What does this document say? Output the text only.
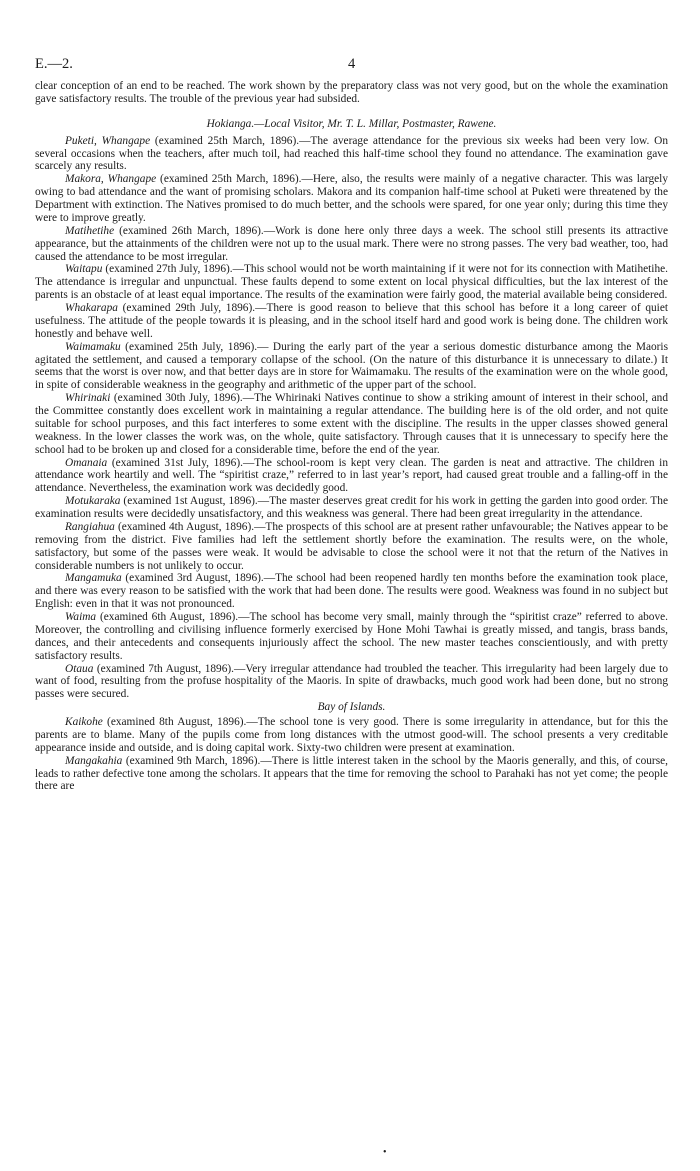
E.—2.	4

clear conception of an end to be reached. The work shown by the preparatory class was not very good, but on the whole the examination gave satisfactory results. The trouble of the previous year had subsided.

Hokianga.—Local Visitor, Mr. T. L. Millar, Postmaster, Rawene.

Puketi, Whangape (examined 25th March, 1896).—The average attendance for the previous six weeks had been very low. On several occasions when the teachers, after much toil, had reached this half-time school they found no attendance. The examination gave scarcely any results.

Makora, Whangape (examined 25th March, 1896).—Here, also, the results were mainly of a negative character. This was largely owing to bad attendance and the want of promising scholars. Makora and its companion half-time school at Puketi were threatened by the Department with extinction. The Natives promised to do much better, and the schools were spared, for one year only; during this time they were to improve greatly.

Matihetihe (examined 26th March, 1896).—Work is done here only three days a week. The school still presents its attractive appearance, but the attainments of the children were not up to the usual mark. There were no strong passes. The very bad weather, too, had caused the attendance to be most irregular.

Waitapu (examined 27th July, 1896).—This school would not be worth maintaining if it were not for its connection with Matihetihe. The attendance is irregular and unpunctual. These faults depend to some extent on local physical difficulties, but the lax interest of the parents is an obstacle of at least equal importance. The results of the examination were fairly good, the material available being considered.

Whakarapa (examined 29th July, 1896).—There is good reason to believe that this school has before it a long career of quiet usefulness. The attitude of the people towards it is pleasing, and in the school itself hard and good work is being done. The children work honestly and behave well.

Waimamaku (examined 25th July, 1896).— During the early part of the year a serious domestic disturbance among the Maoris agitated the settlement, and caused a temporary collapse of the school. (On the nature of this disturbance it is unnecessary to dilate.) It seems that the worst is over now, and that better days are in store for Waimamaku. The results of the examination were on the whole good, in spite of considerable weakness in the geography and arithmetic of the upper part of the school.

Whirinaki (examined 30th July, 1896).—The Whirinaki Natives continue to show a striking amount of interest in their school, and the Committee constantly does excellent work in maintaining a regular attendance. The building here is of the old order, and not quite suitable for school purposes, and this fact interferes to some extent with the discipline. The results in the upper classes showed general weakness. In the lower classes the work was, on the whole, quite satisfactory. Through causes that it is unnecessary to specify here the school had to be broken up and closed for a considerable time, before the end of the year.

Omanaia (examined 31st July, 1896).—The school-room is kept very clean. The garden is neat and attractive. The children in attendance work heartily and well. The “spiritist craze,” referred to in last year’s report, had caused great trouble and a falling-off in the attendance. Nevertheless, the examination work was decidedly good.

Motukaraka (examined 1st August, 1896).—The master deserves great credit for his work in getting the garden into good order. The examination results were decidedly unsatisfactory, and this weakness was general. There had been great irregularity in the attendance.

Rangiahua (examined 4th August, 1896).—The prospects of this school are at present rather unfavourable; the Natives appear to be removing from the district. Five families had left the settlement shortly before the examination. The results were, on the whole, satisfactory, but some of the passes were weak. It would be advisable to close the school were it not that the return of the Natives in considerable numbers is not unlikely to occur.

Mangamuka (examined 3rd August, 1896).—The school had been reopened hardly ten months before the examination took place, and there was every reason to be satisfied with the work that had been done. The results were good. Weakness was found in no subject but English: even in that it was not pronounced.

Waima (examined 6th August, 1896).—The school has become very small, mainly through the “spiritist craze” referred to above. Moreover, the controlling and civilising influence formerly exercised by Hone Mohi Tawhai is greatly missed, and tangis, brass bands, dances, and their antecedents and consequents injuriously affect the school. The new master teaches conscientiously, and with pretty satisfactory results.

Otaua (examined 7th August, 1896).—Very irregular attendance had troubled the teacher. This irregularity had been largely due to want of food, resulting from the profuse hospitality of the Maoris. In spite of drawbacks, much good work had been done, but no strong passes were secured.

Bay of Islands.

Kaikohe (examined 8th August, 1896).—The school tone is very good. There is some irregularity in attendance, but for this the parents are to blame. Many of the pupils come from long distances with the utmost good-will. The school presents a very creditable appearance inside and outside, and is doing capital work. Sixty-two children were present at examination.

Mangakahia (examined 9th March, 1896).—There is little interest taken in the school by the Maoris generally, and this, of course, leads to rather defective tone among the scholars. It appears that the time for removing the school to Parahaki has not yet come; the people there are

•
